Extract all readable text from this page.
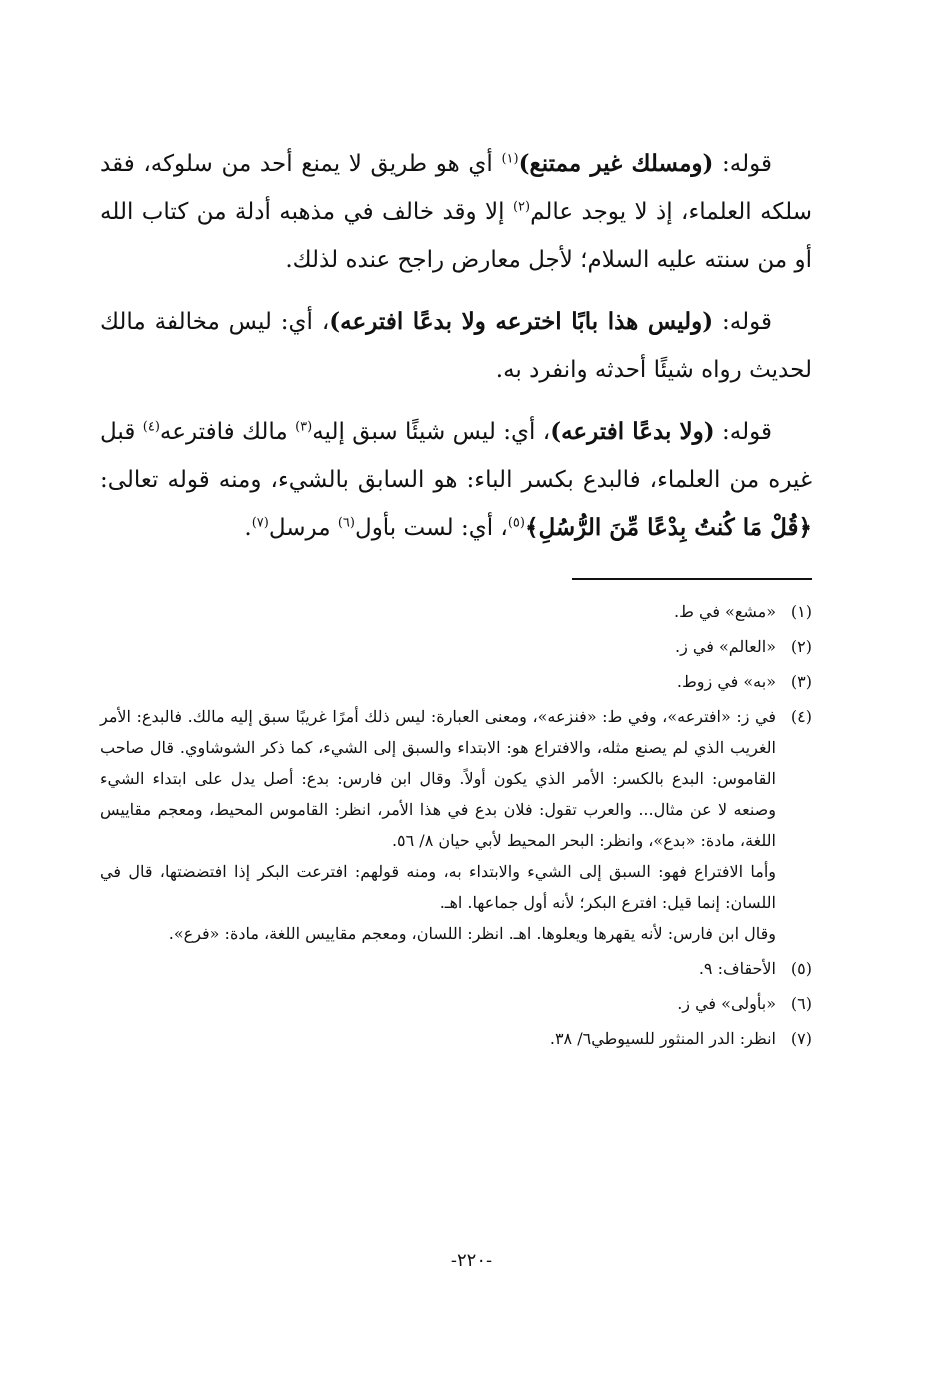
قوله: (ومسلك غير ممتنع)$^{(١)}$ أي هو طريق لا يمنع أحد من سلوكه، فقد سلكه العلماء، إذ لا يوجد عالم$^{(٢)}$ إلا وقد خالف في مذهبه أدلة من كتاب الله أو من سنته عليه السلام؛ لأجل معارض راجح عنده لذلك.

قوله: (وليس هذا بابًا اخترعه ولا بدعًا افترعه)، أي: ليس مخالفة مالك لحديث رواه شيئًا أحدثه وانفرد به.

قوله: (ولا بدعًا افترعه)، أي: ليس شيئًا سبق إليه$^{(٣)}$ مالك فافترعه$^{(٤)}$ قبل غيره من العلماء، فالبدع بكسر الباء: هو السابق بالشيء، ومنه قوله تعالى: ﴿قُلْ مَا كُنتُ بِدْعًا مِّنَ الرُّسُلِ﴾$^{(٥)}$، أي: لست بأول$^{(٦)}$ مرسل$^{(٧)}$.

(١)
«مشع» في ط.
(٢)
«العالم» في ز.
(٣)
«به» في زوط.
(٤)

في ز: «افترعه»، وفي ط: «فنزعه»، ومعنى العبارة: ليس ذلك أمرًا غريبًا سبق إليه مالك. فالبدع: الأمر الغريب الذي لم يصنع مثله، والافتراع هو: الابتداء والسبق إلى الشيء، كما ذكر الشوشاوي. قال صاحب القاموس: البدع بالكسر: الأمر الذي يكون أولاً. وقال ابن فارس: بدع: أصل يدل على ابتداء الشيء وصنعه لا عن مثال... والعرب تقول: فلان بدع في هذا الأمر، انظر: القاموس المحيط، ومعجم مقاييس اللغة، مادة: «بدع»، وانظر: البحر المحيط لأبي حيان ٨/ ٥٦.

وأما الافتراع فهو: السبق إلى الشيء والابتداء به، ومنه قولهم: افترعت البكر إذا افتضضتها، قال في اللسان: إنما قيل: افترع البكر؛ لأنه أول جماعها. اهـ.

وقال ابن فارس: لأنه يقهرها ويعلوها. اهـ. انظر: اللسان، ومعجم مقاييس اللغة، مادة: «فرع».

(٥)
الأحقاف: ٩.
(٦)
«بأولى» في ز.
(٧)
انظر: الدر المنثور للسيوطي٦/ ٣٨.
-٢٢٠-
